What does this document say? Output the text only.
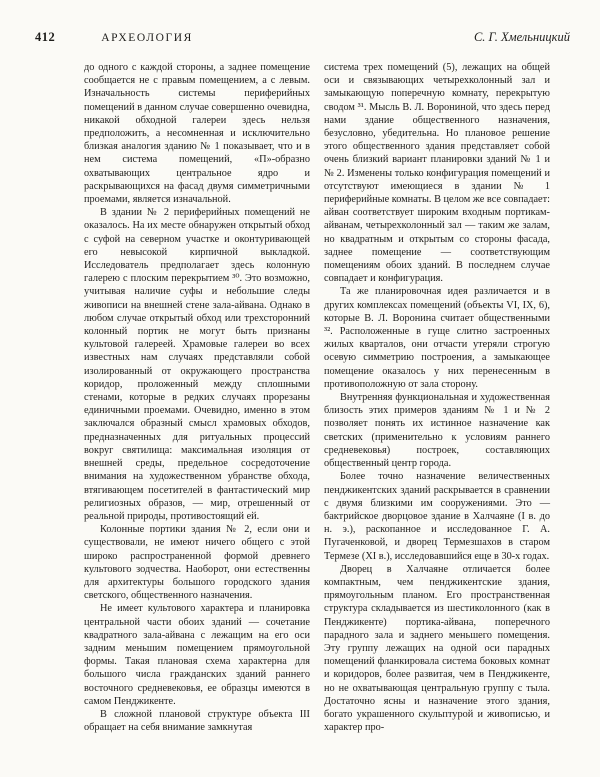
412	АРХЕОЛОГИЯ	С. Г. Хмельницкий

до одного с каждой стороны, а заднее помещение сообщается не с правым помещением, а с левым. Изначальность системы периферийных помещений в данном случае совершенно очевидна, никакой обходной галереи здесь нельзя предположить, а несомненная и исключительно близкая аналогия зданию № 1 показывает, что и в нем система помещений, «П»-образно охватывающих центральное ядро и раскрывающихся на фасад двумя симметричными проемами, является изначальной.

В здании № 2 периферийных помещений не оказалось. На их месте обнаружен открытый обход с суфой на северном участке и оконтуривающей его невысокой кирпичной выкладкой. Исследователь предполагает здесь колонную галерею с плоским перекрытием ³⁰. Это возможно, учитывая наличие суфы и небольшие следы живописи на внешней стене зала-айвана. Однако в любом случае открытый обход или трехсторонний колонный портик не могут быть признаны культовой галереей. Храмовые галереи во всех известных нам случаях представляли собой изолированный от окружающего пространства коридор, проложенный между сплошными стенами, которые в редких случаях прорезаны единичными проемами. Очевидно, именно в этом заключался образный смысл храмовых обходов, предназначенных для ритуальных процессий вокруг святилища: максимальная изоляция от внешней среды, предельное сосредоточение внимания на художественном убранстве обхода, втягивающем посетителей в фантастический мир религиозных образов, — мир, отрешенный от реальной природы, противостоящий ей.

Колонные портики здания № 2, если они и существовали, не имеют ничего общего с этой широко распространенной формой древнего культового зодчества. Наоборот, они естественны для архитектуры большого городского здания светского, общественного назначения.

Не имеет культового характера и планировка центральной части обоих зданий — сочетание квадратного зала-айвана с лежащим на его оси задним меньшим помещением прямоугольной формы. Такая плановая схема характерна для большого числа гражданских зданий раннего восточного средневековья, ее образцы имеются в самом Пенджикенте.

В сложной плановой структуре объекта III обращает на себя внимание замкнутая

система трех помещений (5), лежащих на общей оси и связывающих четырехколонный зал и замыкающую поперечную комнату, перекрытую сводом ³¹. Мысль В. Л. Ворониной, что здесь перед нами здание общественного назначения, безусловно, убедительна. Но плановое решение этого общественного здания представляет собой очень близкий вариант планировки зданий № 1 и № 2. Изменены только конфигурация помещений и отсутствуют имеющиеся в здании № 1 периферийные комнаты. В целом же все совпадает: айван соответствует широким входным портикам-айванам, четырехколонный зал — таким же залам, но квадратным и открытым со стороны фасада, заднее помещение — соответствующим помещениям обоих зданий. В последнем случае совпадает и конфигурация.

Та же планировочная идея различается и в других комплексах помещений (объекты VI, IX, 6), которые В. Л. Воронина считает общественными ³². Расположенные в гуще слитно застроенных жилых кварталов, они отчасти утеряли строгую осевую симметрию построения, а замыкающее помещение оказалось у них перенесенным в противоположную от зала сторону.

Внутренняя функциональная и художественная близость этих примеров зданиям № 1 и № 2 позволяет понять их истинное назначение как светских (применительно к условиям раннего средневековья) построек, составляющих общественный центр города.

Более точно назначение величественных пенджикентских зданий раскрывается в сравнении с двумя близкими им сооружениями. Это — бактрийское дворцовое здание в Халчаяне (I в. до н. э.), раскопанное и исследованное Г. А. Пугаченковой, и дворец Термезшахов в старом Термезе (XI в.), исследовавшийся еще в 30-х годах.

Дворец в Халчаяне отличается более компактным, чем пенджикентские здания, прямоугольным планом. Его пространственная структура складывается из шестиколонного (как в Пенджикенте) портика-айвана, поперечного парадного зала и заднего меньшего помещения. Эту группу лежащих на одной оси парадных помещений фланкировала система боковых комнат и коридоров, более развитая, чем в Пенджикенте, но не охватывающая центральную группу с тыла. Достаточно ясны и назначение этого здания, богато украшенного скульптурой и живописью, и характер про-
